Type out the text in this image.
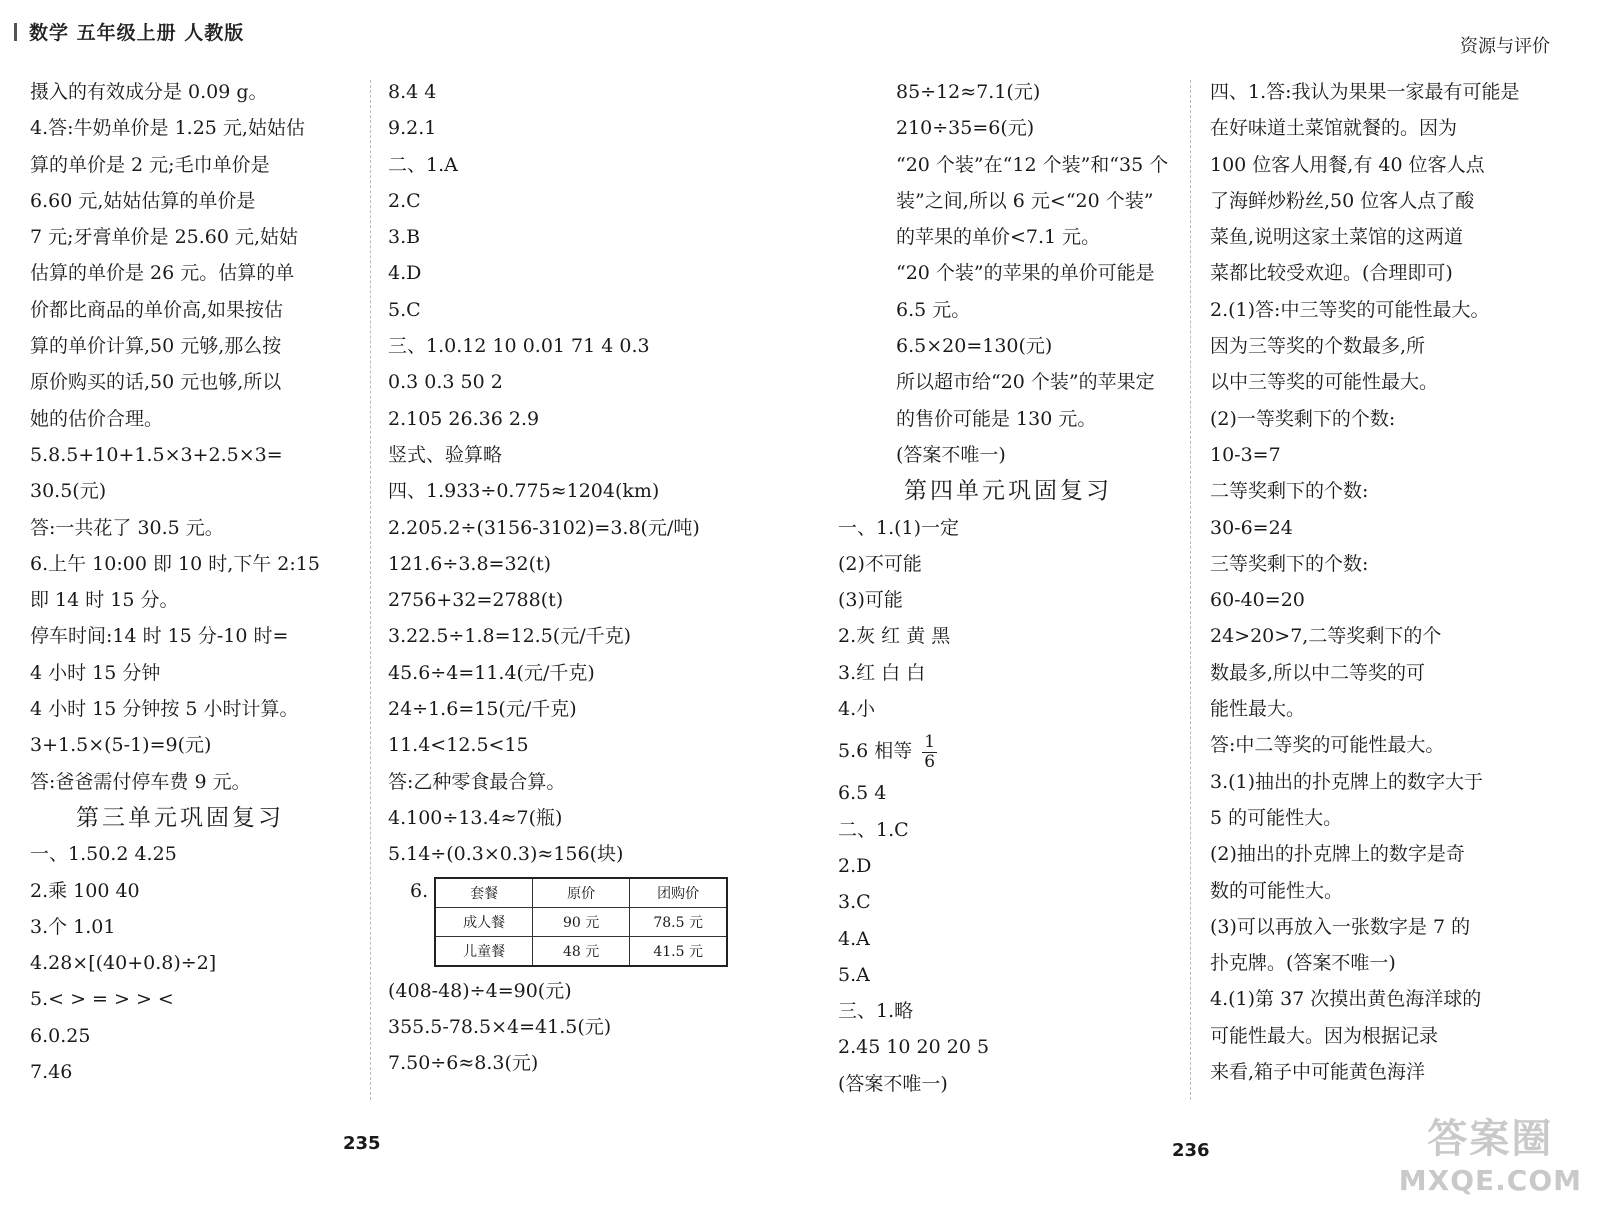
数学 五年级上册 人教版
资源与评价

摄入的有效成分是 0.09 g。

4.答:牛奶单价是 1.25 元,姑姑估

算的单价是 2 元;毛巾单价是

6.60 元,姑姑估算的单价是

7 元;牙膏单价是 25.60 元,姑姑

估算的单价是 26 元。估算的单

价都比商品的单价高,如果按估

算的单价计算,50 元够,那么按

原价购买的话,50 元也够,所以

她的估价合理。

5.8.5+10+1.5×3+2.5×3=

30.5(元)

答:一共花了 30.5 元。

6.上午 10:00 即 10 时,下午 2:15

即 14 时 15 分。

停车时间:14 时 15 分-10 时=

4 小时 15 分钟

4 小时 15 分钟按 5 小时计算。

3+1.5×(5-1)=9(元)

答:爸爸需付停车费 9 元。

第三单元巩固复习

一、1.50.2 4.25

2.乘 100 40

3.个 1.01

4.28×[(40+0.8)÷2]

5.< > = > > <

6.0.25

7.46

8.4 4

9.2.1

二、1.A

2.C

3.B

4.D

5.C

三、1.0.12 10 0.01 71 4 0.3

0.3 0.3 50 2

2.105 26.36 2.9

竖式、验算略

四、1.933÷0.775≈1204(km)

2.205.2÷(3156-3102)=3.8(元/吨)

121.6÷3.8=32(t)

2756+32=2788(t)

3.22.5÷1.8=12.5(元/千克)

45.6÷4=11.4(元/千克)

24÷1.6=15(元/千克)

11.4<12.5<15

答:乙种零食最合算。

4.100÷13.4≈7(瓶)

5.14÷(0.3×0.3)≈156(块)

6.	套餐	原价	团购价
成人餐	90 元	78.5 元
儿童餐	48 元	41.5 元

(408-48)÷4=90(元)

355.5-78.5×4=41.5(元)

7.50÷6≈8.3(元)

235

85÷12≈7.1(元)

210÷35=6(元)

“20 个装”在“12 个装”和“35 个

装”之间,所以 6 元<“20 个装”

的苹果的单价<7.1 元。

“20 个装”的苹果的单价可能是

6.5 元。

6.5×20=130(元)

所以超市给“20 个装”的苹果定

的售价可能是 130 元。

(答案不唯一)

第四单元巩固复习

一、1.(1)一定

(2)不可能

(3)可能

2.灰 红 黄 黑

3.红 白 白

4.小

5.6 相等 $\frac{1}{6}$

6.5 4

二、1.C

2.D

3.C

4.A

5.A

三、1.略

2.45 10 20 20 5

(答案不唯一)

236

四、1.答:我认为果果一家最有可能是

在好味道土菜馆就餐的。因为

100 位客人用餐,有 40 位客人点

了海鲜炒粉丝,50 位客人点了酸

菜鱼,说明这家土菜馆的这两道

菜都比较受欢迎。(合理即可)

2.(1)答:中三等奖的可能性最大。

因为三等奖的个数最多,所

以中三等奖的可能性最大。

(2)一等奖剩下的个数:

10-3=7

二等奖剩下的个数:

30-6=24

三等奖剩下的个数:

60-40=20

24>20>7,二等奖剩下的个

数最多,所以中二等奖的可

能性最大。

答:中二等奖的可能性最大。

3.(1)抽出的扑克牌上的数字大于

5 的可能性大。

(2)抽出的扑克牌上的数字是奇

数的可能性大。

(3)可以再放入一张数字是 7 的

扑克牌。(答案不唯一)

4.(1)第 37 次摸出黄色海洋球的

可能性最大。因为根据记录

来看,箱子中可能黄色海洋

答案圈
MXQE.COM
